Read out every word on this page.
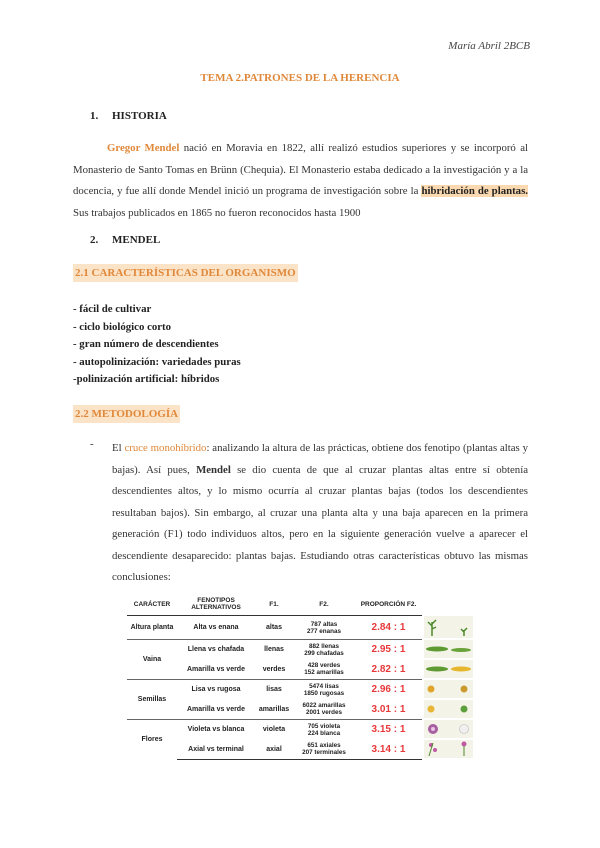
María Abril 2BCB
TEMA 2.PATRONES DE LA HERENCIA
1. HISTORIA
Gregor Mendel nació en Moravia en 1822, allí realizó estudios superiores y se incorporó al Monasterio de Santo Tomas en Brünn (Chequia). El Monasterio estaba dedicado a la investigación y a la docencia, y fue allí donde Mendel inició un programa de investigación sobre la hibridación de plantas. Sus trabajos publicados en 1865 no fueron reconocidos hasta 1900
2. MENDEL
2.1 CARACTERÍSTICAS DEL ORGANISMO
- fácil de cultivar
- ciclo biológico corto
- gran número de descendientes
- autopolinización: variedades puras
-polinización artificial: híbridos
2.2 METODOLOGÍA
- El cruce monohíbrido: analizando la altura de las prácticas, obtiene dos fenotipo (plantas altas y bajas). Así pues, Mendel se dio cuenta de que al cruzar plantas altas entre sí obtenía descendientes altos, y lo mismo ocurría al cruzar plantas bajas (todos los descendientes resultaban bajos). Sin embargo, al cruzar una planta alta y una baja aparecen en la primera generación (F1) todo individuos altos, pero en la siguiente generación vuelve a aparecer el descendiente desaparecido: plantas bajas. Estudiando otras características obtuvo las mismas conclusiones:
CARÁCTER	FENOTIPOS ALTERNATIVOS	F1.	F2.	PROPORCIÓN F2.
Altura planta	Alta vs enana	altas	787 altas
277 enanas	2.84 : 1
Vaina	Llena vs chafada	llenas	882 llenas
299 chafadas	2.95 : 1
	Amarilla vs verde	verdes	428 verdes
152 amarillas	2.82 : 1
Semillas	Lisa vs rugosa	lisas	5474 lisas
1850 rugosas	2.96 : 1
	Amarilla vs verde	amarillas	6022 amarillas
2001 verdes	3.01 : 1
Flores	Violeta vs blanca	violeta	705 violeta
224 blanca	3.15 : 1
	Axial vs terminal	axial	651 axiales
207 terminales	3.14 : 1
